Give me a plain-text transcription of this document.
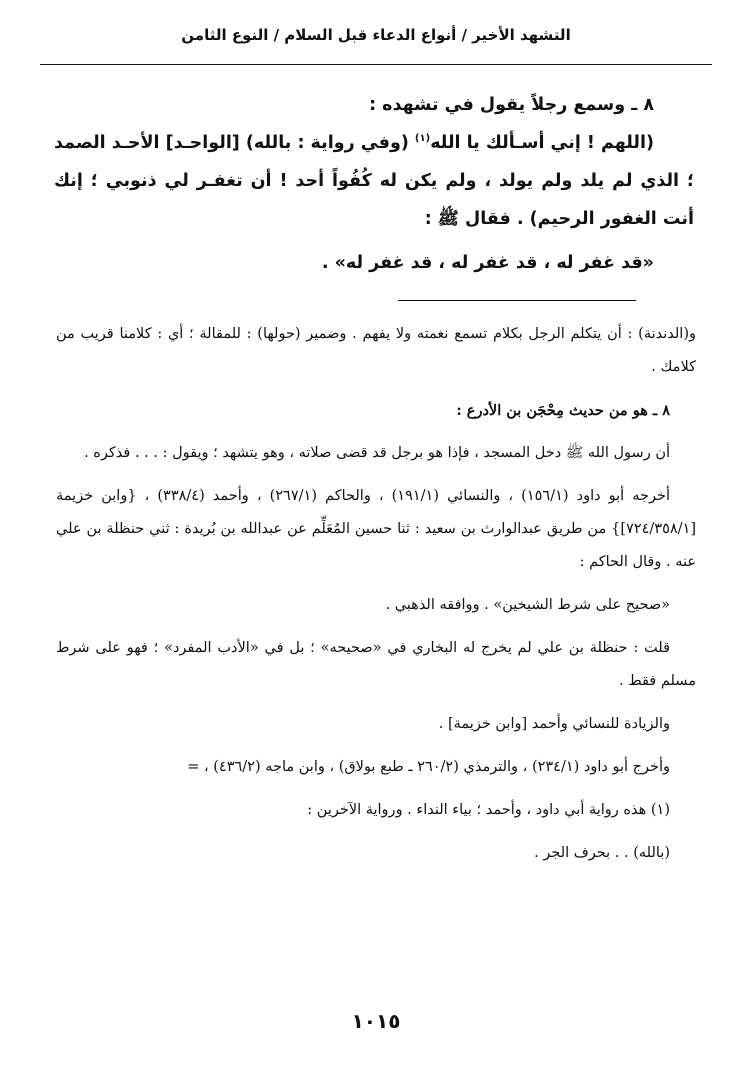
التشهد الأخير / أنواع الدعاء قبل السلام / النوع الثامن

٨ ـ وسمع رجلاً يقول في تشهده :

(اللهم ! إني أسـألك يا الله$^{(١)}$ (وفي رواية : بالله) [الواحـد] الأحـد الصمد ؛ الذي لم يلد ولم يولد ، ولم يكن له كُفُواً أحد ! أن تغفـر لي ذنوبي ؛ إنك أنت الغفور الرحيم) . فقال ﷺ :

«قد غفر له ، قد غفر له ، قد غفر له» .

و(الدندنة) : أن يتكلم الرجل بكلام تسمع نغمته ولا يفهم . وضمير (حولها) : للمقالة ؛ أي : كلامنا قريب من كلامك .

٨ ـ هو من حديث مِحْجَن بن الأدرع :

أن رسول الله ﷺ دخل المسجد ، فإذا هو برجل قد قضى صلاته ، وهو يتشهد ؛ ويقول : . . . فذكره .

أخرجه أبو داود (١٥٦/١) ، والنسائي (١٩١/١) ، والحاكم (٢٦٧/١) ، وأحمد (٣٣٨/٤) ، {وابن خزيمة [٧٢٤/٣٥٨/١]} من طريق عبدالوارث بن سعيد : ثنا حسين المُعَلِّم عن عبدالله بن بُريدة : ثني حنظلة بن علي عنه . وقال الحاكم :

«صحيح على شرط الشيخين» . ووافقه الذهبي .

قلت : حنظلة بن علي لم يخرج له البخاري في «صحيحه» ؛ بل في «الأدب المفرد» ؛ فهو على شرط مسلم فقط .

والزيادة للنسائي وأحمد [وابن خزيمة] .

وأخرج أبو داود (٢٣٤/١) ، والترمذي (٢٦٠/٢ ـ طبع بولاق) ، وابن ماجه (٤٣٦/٢) ، =

(١) هذه رواية أبي داود ، وأحمد ؛ بياء النداء . ورواية الآخرين :

(بالله) . . بحرف الجر .

١٠١٥
